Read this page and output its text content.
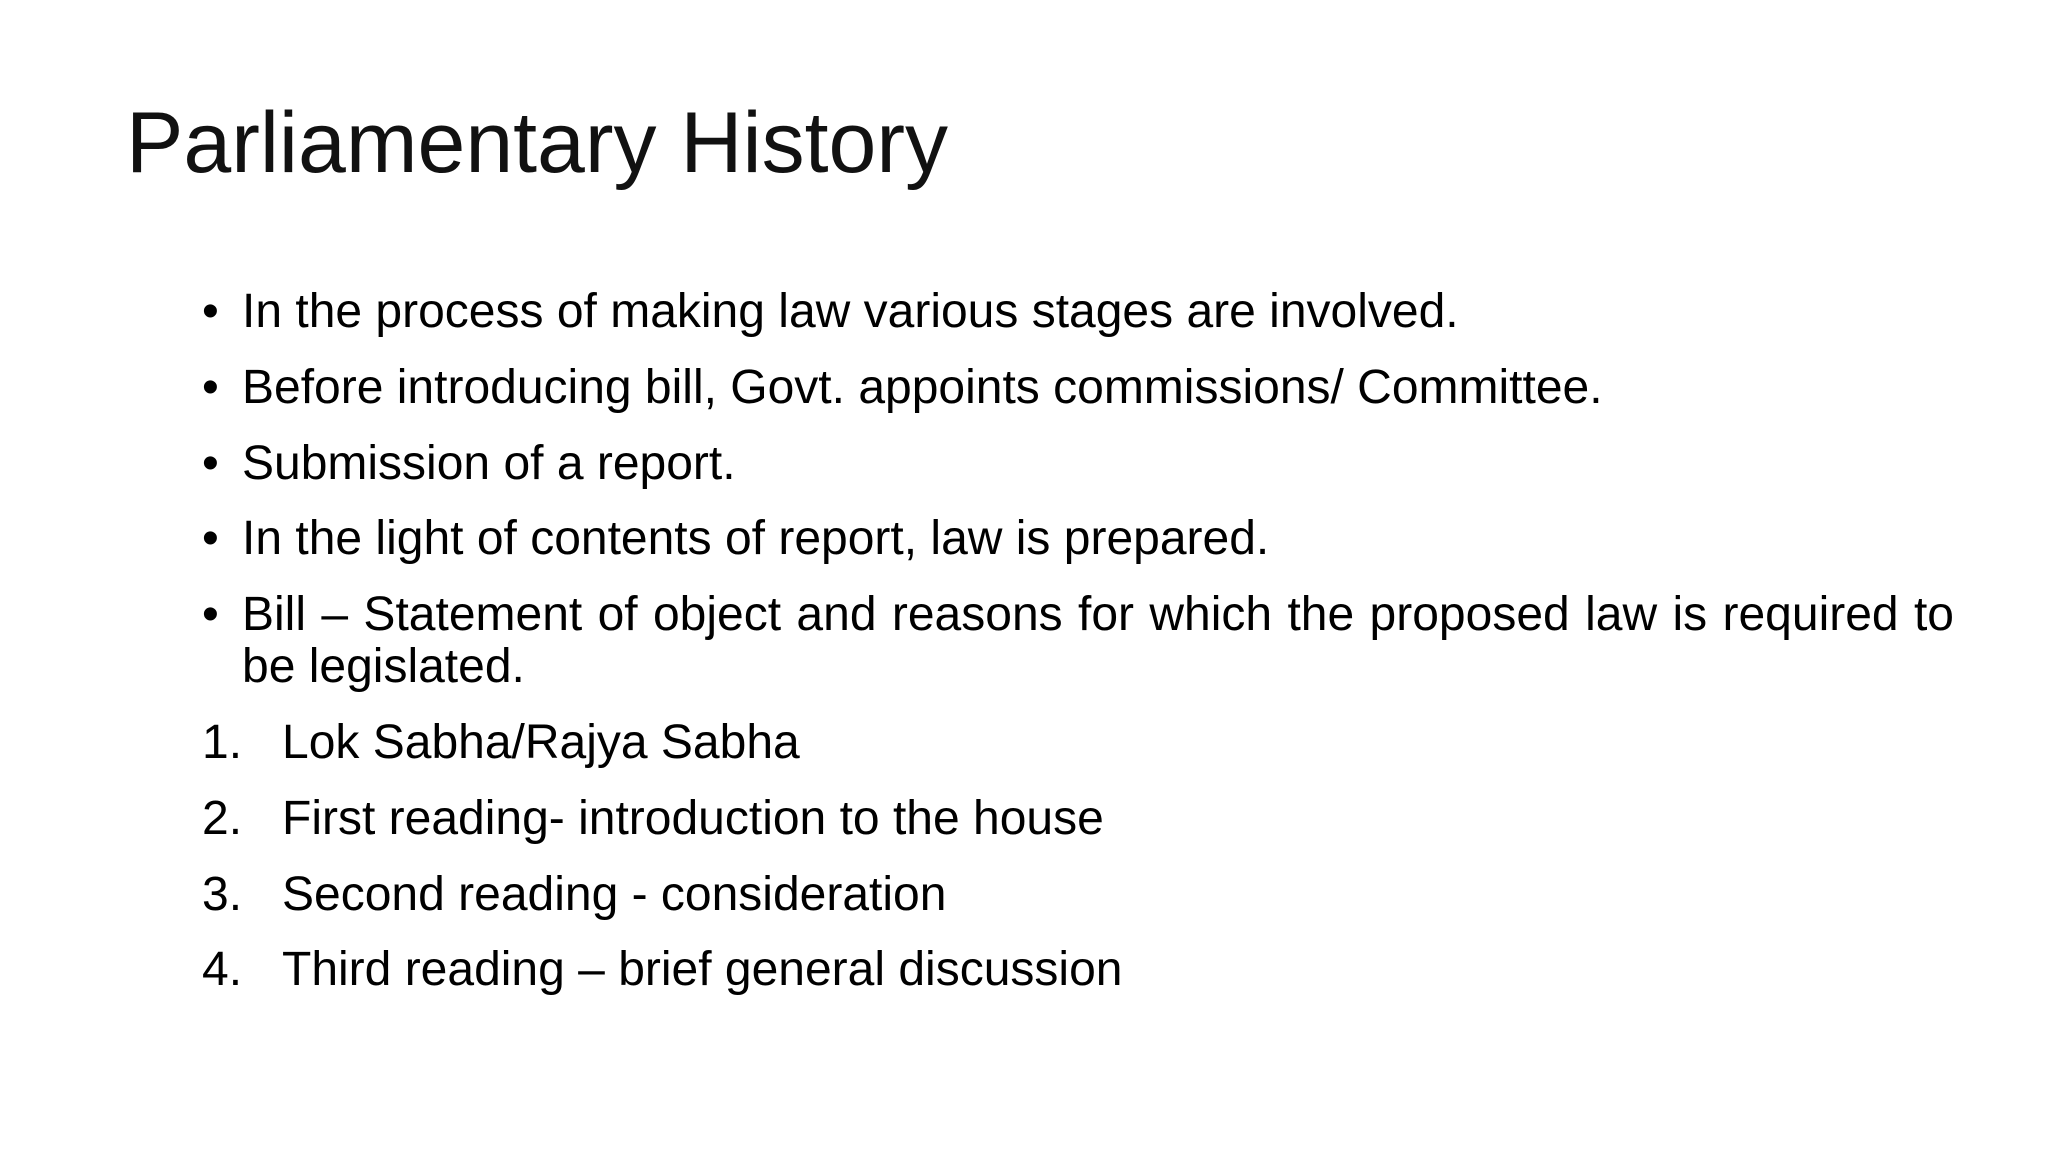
Parliamentary History
• In the process of making law various stages are involved.
• Before introducing bill, Govt. appoints commissions/ Committee.
• Submission of a report.
• In the light of contents of report, law is prepared.
• Bill – Statement of object and reasons for which the proposed law is required to be legislated.
1. Lok Sabha/Rajya Sabha
2. First reading- introduction to the house
3. Second reading - consideration
4. Third reading – brief general discussion
